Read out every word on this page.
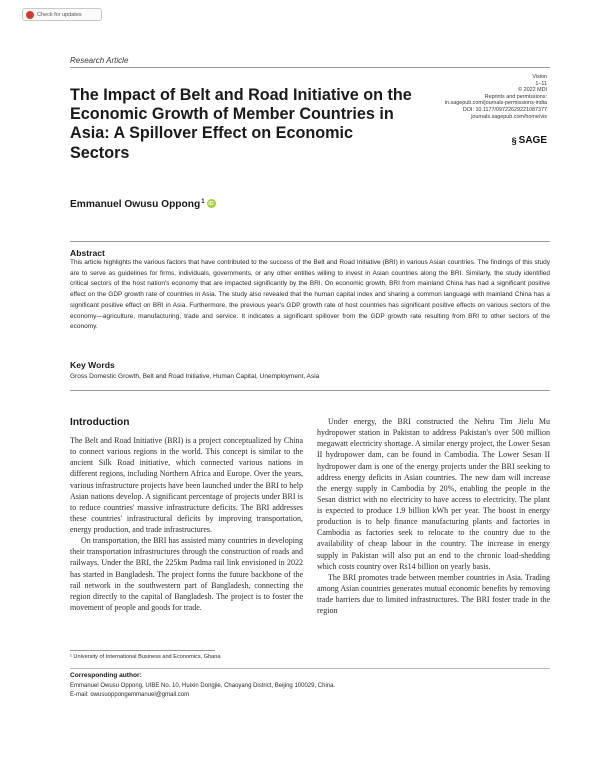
Check for updates
Research Article
Vision
1–11
© 2022 MDI
Reprints and permissions:
in.sagepub.com/journals-permissions-india
DOI: 10.1177/09722629221087377
journals.sagepub.com/home/vis
§ SAGE
The Impact of Belt and Road Initiative on the Economic Growth of Member Countries in Asia: A Spillover Effect on Economic Sectors
Emmanuel Owusu Oppong$^1$ iD
Abstract
This article highlights the various factors that have contributed to the success of the Belt and Road Initiative (BRI) in various Asian countries. The findings of this study are to serve as guidelines for firms, individuals, governments, or any other entities willing to invest in Asian countries along the BRI. Similarly, the study identified critical sectors of the host nation's economy that are impacted significantly by the BRI. On economic growth, BRI from mainland China has had a significant positive effect on the GDP growth rate of countries in Asia. The study also revealed that the human capital index and sharing a common language with mainland China has a significant positive effect on BRI in Asia. Furthermore, the previous year's GDP growth rate of host countries has significant positive effects on various sectors of the economy—agriculture, manufacturing, trade and service. It indicates a significant spillover from the GDP growth rate resulting from BRI to other sectors of the economy.
Key Words
Gross Domestic Growth, Belt and Road Initiative, Human Capital, Unemployment, Asia
Introduction

The Belt and Road Initiative (BRI) is a project conceptualized by China to connect various regions in the world. This concept is similar to the ancient Silk Road initiative, which connected various nations in different regions, including Northern Africa and Europe. Over the years, various infrastructure projects have been launched under the BRI to help Asian nations develop. A significant percentage of projects under BRI is to reduce countries' massive infrastructure deficits. The BRI addresses these countries' infrastructural deficits by improving transportation, energy production, and trade infrastructures.

On transportation, the BRI has assisted many countries in developing their transportation infrastructures through the construction of roads and railways. Under the BRI, the 225km Padma rail link envisioned in 2022 has started in Bangladesh. The project forms the future backbone of the rail network in the southwestern part of Bangladesh, connecting the region directly to the capital of Bangladesh. The project is to foster the movement of people and goods for trade.

Under energy, the BRI constructed the Nehru Tim Jielu Mu hydropower station in Pakistan to address Pakistan's over 500 million megawatt electricity shortage. A similar energy project, the Lower Sesan II hydropower dam, can be found in Cambodia. The Lower Sesan II hydropower dam is one of the energy projects under the BRI seeking to address energy deficits in Asian countries. The new dam will increase the energy supply in Cambodia by 20%, enabling the people in the Sesan district with no electricity to have access to electricity. The plant is expected to produce 1.9 billion kWh per year. The boost in energy production is to help finance manufacturing plants and factories in Cambodia as factories seek to relocate to the country due to the availability of cheap labour in the country. The increase in energy supply in Pakistan will also put an end to the chronic load-shedding which costs country over Rs14 billion on yearly basis.

The BRI promotes trade between member countries in Asia. Trading among Asian countries generates mutual economic benefits by removing trade barriers due to limited infrastructures. The BRI foster trade in the region

¹ University of International Business and Economics, Ghana
Corresponding author:
Emmanuel Owusu Oppong, UIBE No. 10, Huixin Dongjie, Chaoyang District, Beijing 100029, China.
E-mail: owusuoppongemmanuel@gmail.com
